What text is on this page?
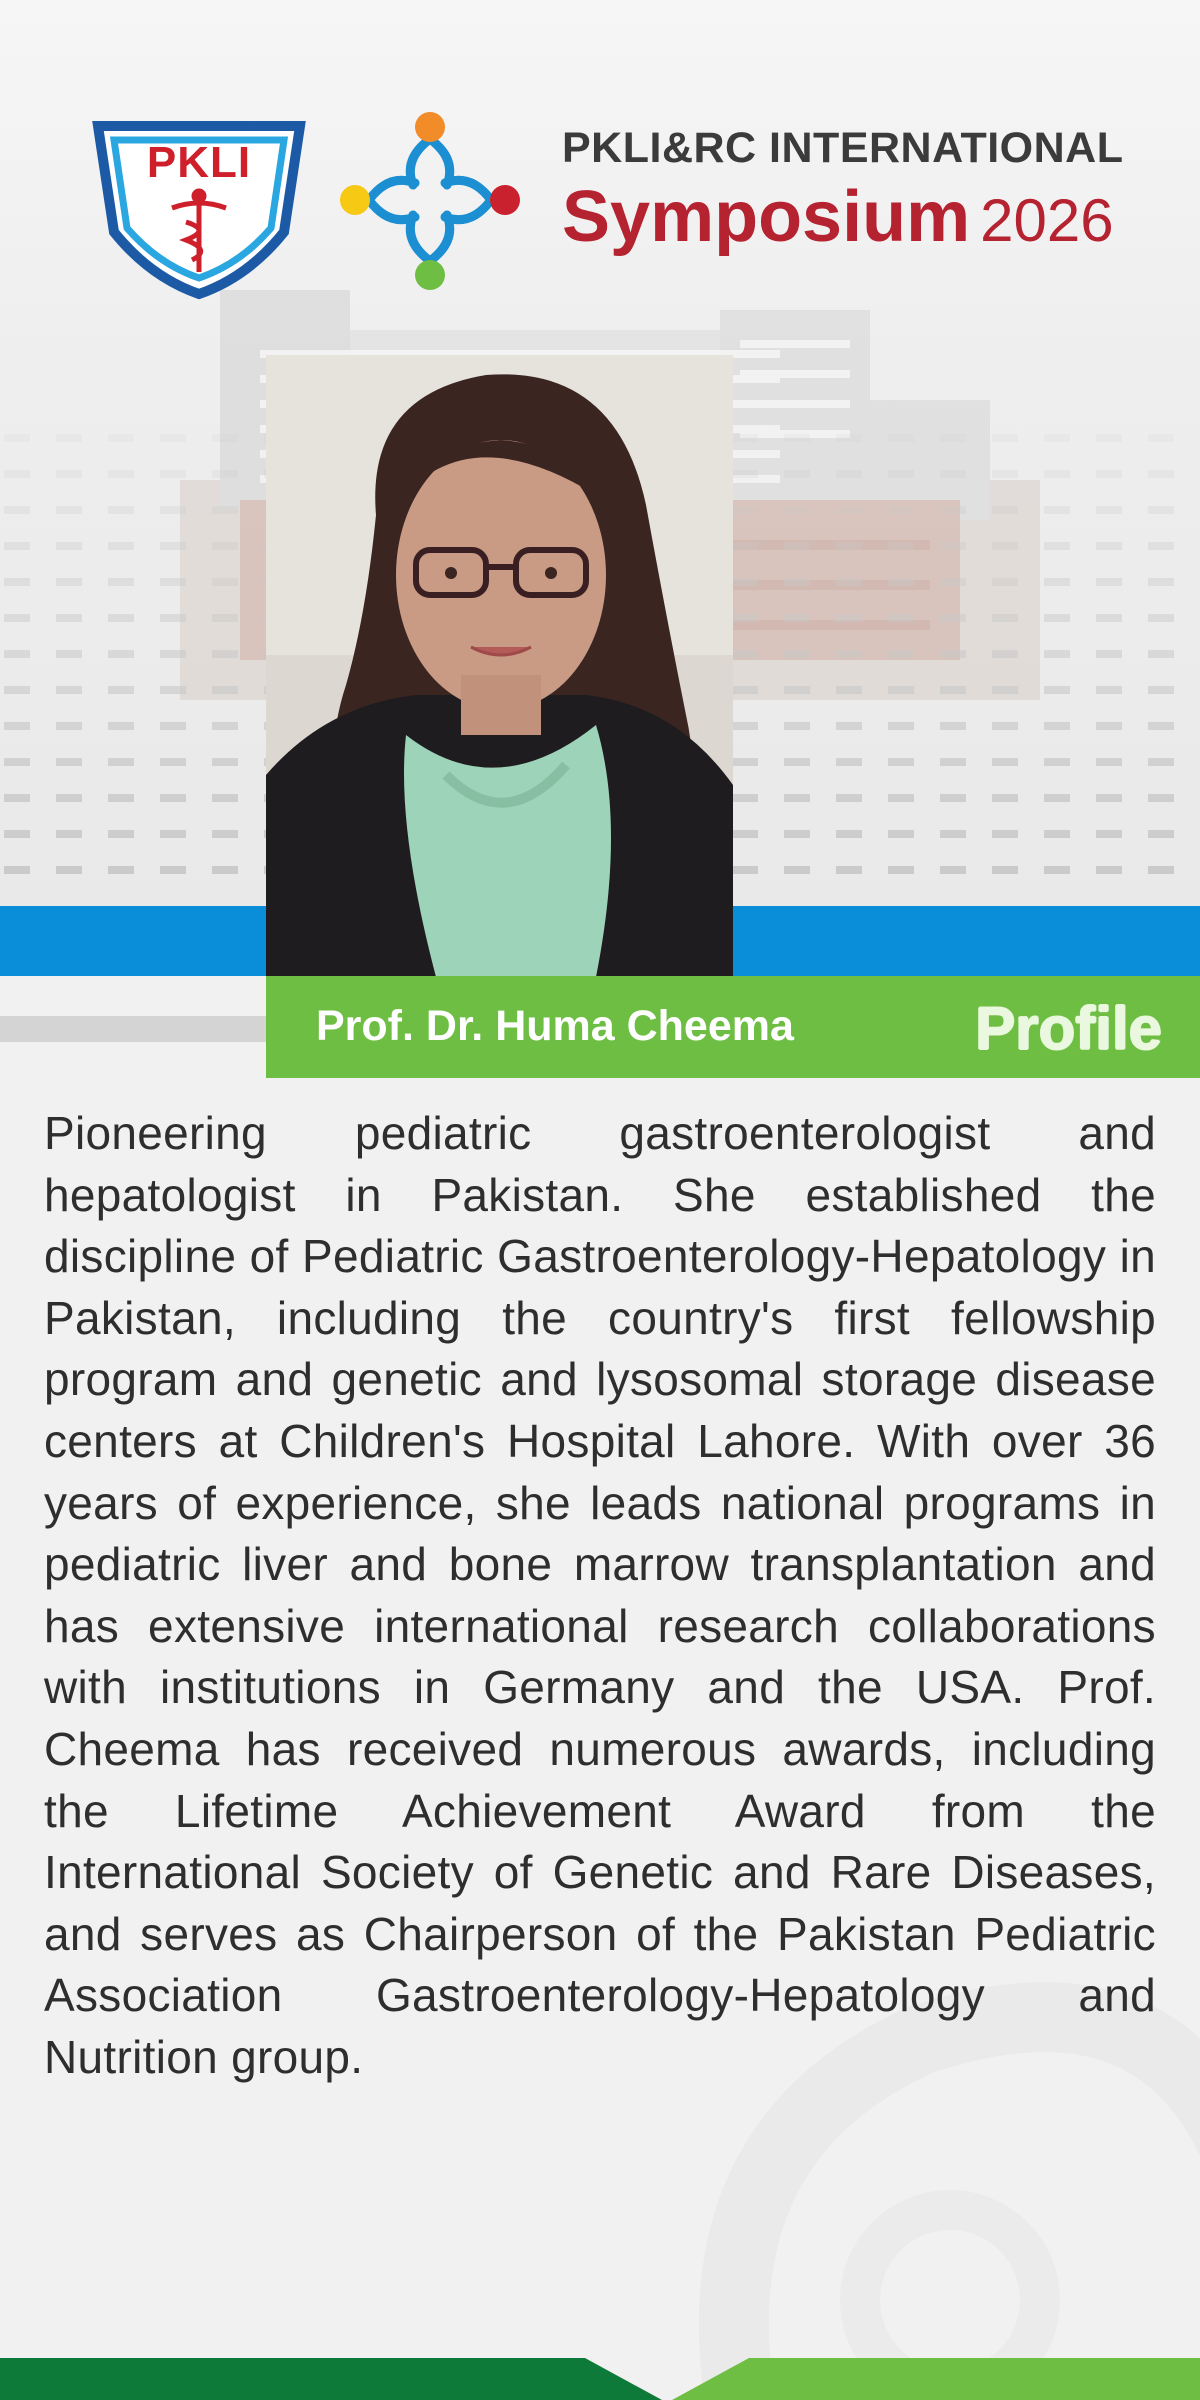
PKLI	PKLI&RC INTERNATIONAL
Symposium 2026
Prof. Dr. Huma Cheema	Profile

Pioneering pediatric gastroenterologist and hepatologist in Pakistan. She established the discipline of Pediatric Gastroenterology-Hepatology in Pakistan, including the country's first fellowship program and genetic and lysosomal storage disease centers at Children's Hospital Lahore. With over 36 years of experience, she leads national programs in pediatric liver and bone marrow transplantation and has extensive international research collaborations with institutions in Germany and the USA. Prof. Cheema has received numerous awards, including the Lifetime Achievement Award from the International Society of Genetic and Rare Diseases, and serves as Chairperson of the Pakistan Pediatric Association Gastroenterology-Hepatology and Nutrition group.
